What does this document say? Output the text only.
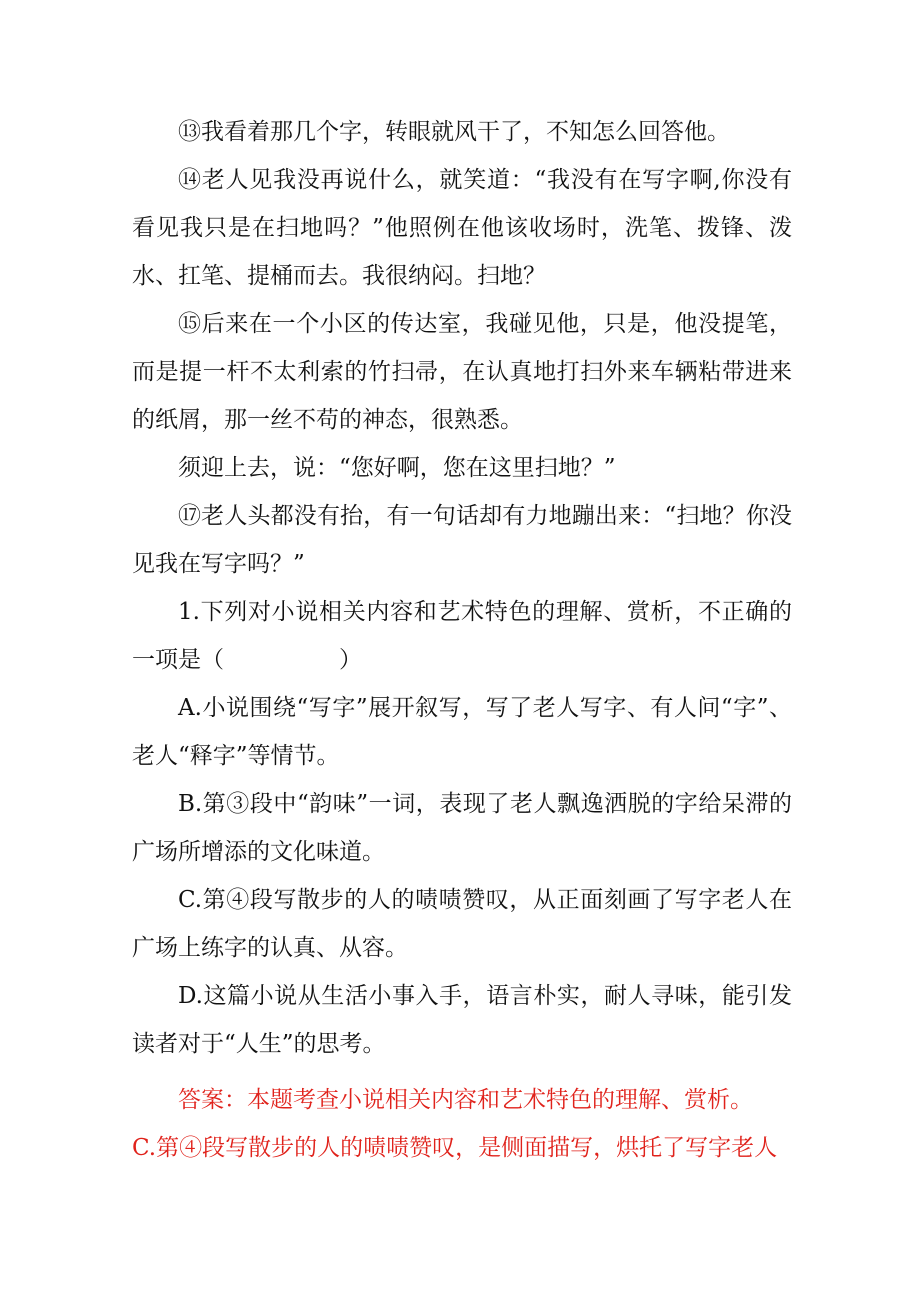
⑬我看着那几个字，转眼就风干了，不知怎么回答他。

⑭老人见我没再说什么，就笑道：“我没有在写字啊,你没有看见我只是在扫地吗？”他照例在他该收场时，洗笔、拨锋、泼水、扛笔、提桶而去。我很纳闷。扫地？

⑮后来在一个小区的传达室，我碰见他，只是，他没提笔，而是提一杆不太利索的竹扫帚，在认真地打扫外来车辆粘带进来的纸屑，那一丝不苟的神态，很熟悉。

须迎上去，说：“您好啊，您在这里扫地？”

⑰老人头都没有抬，有一句话却有力地蹦出来：“扫地？你没见我在写字吗？”

1.下列对小说相关内容和艺术特色的理解、赏析，不正确的一项是（　　　　　）

A.小说围绕“写字”展开叙写，写了老人写字、有人问“字”、老人“释字”等情节。

B.第③段中“韵味”一词，表现了老人飘逸洒脱的字给呆滞的广场所增添的文化味道。

C.第④段写散步的人的啧啧赞叹，从正面刻画了写字老人在广场上练字的认真、从容。

D.这篇小说从生活小事入手，语言朴实，耐人寻味，能引发读者对于“人生”的思考。

答案：本题考查小说相关内容和艺术特色的理解、赏析。

C.第④段写散步的人的啧啧赞叹，是侧面描写，烘托了写字老人
